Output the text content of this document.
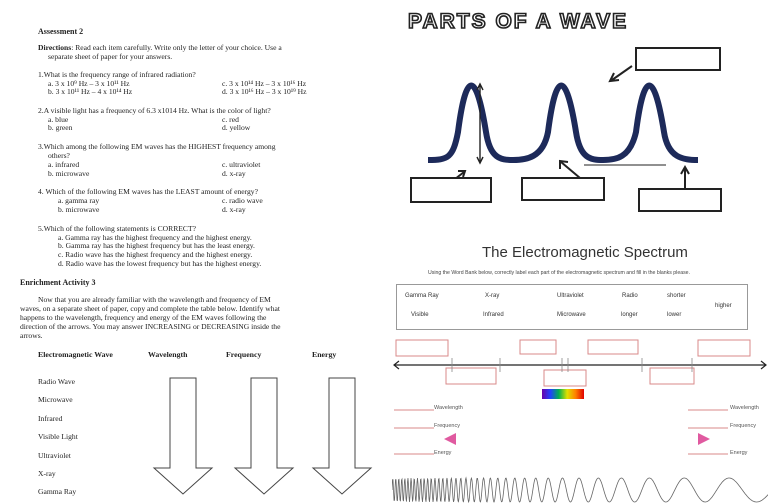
Assessment 2
Directions: Read each item carefully. Write only the letter of your choice. Use a
separate sheet of paper for your answers.
1.What is the frequency range of infrared radiation?
a. 3 x 10⁹ Hz – 3 x 10¹¹ Hz	c. 3 x 10¹⁴ Hz – 3 x 10¹⁶ Hz
b. 3 x 10¹¹ Hz – 4 x 10¹⁴ Hz	d. 3 x 10¹⁶ Hz – 3 x 10¹⁹ Hz
2.A visible light has a frequency of 6.3 x1014 Hz. What is the color of light?
a. blue	c. red
b. green	d. yellow
3.Which among the following EM waves has the HIGHEST frequency among
others?
a. infrared	c. ultraviolet
b. microwave	d. x-ray
4. Which of the following EM waves has the LEAST amount of energy?
a. gamma ray	c. radio wave
b. microwave	d. x-ray
5.Which of the following statements is CORRECT?
a. Gamma ray has the highest frequency and the highest energy.
b. Gamma ray has the highest frequency but has the least energy.
c. Radio wave has the highest frequency and the highest energy.
d. Radio wave has the lowest frequency but has the highest energy.
Enrichment Activity 3
Now that you are already familiar with the wavelength and frequency of EM
waves, on a separate sheet of paper, copy and complete the table below. Identify what
happens to the wavelength, frequency and energy of the EM waves following the
direction of the arrows. You may answer INCREASING or DECREASING inside the
arrows.
Electromagnetic Wave	Wavelength	Frequency	Energy
Radio Wave
Microwave
Infrared
Visible Light
Ultraviolet
X-ray
Gamma Ray
PARTS OF A WAVE
The Electromagnetic Spectrum
Using the Word Bank below, correctly label each part of the electromagnetic spectrum and fill in the blanks please.
Gamma Ray	X-ray	Ultraviolet	Radio	shorter
Visible	Infrared	Microwave	longer	lower
higher
Wavelength
Frequency
Energy
Wavelength
Frequency
Energy
